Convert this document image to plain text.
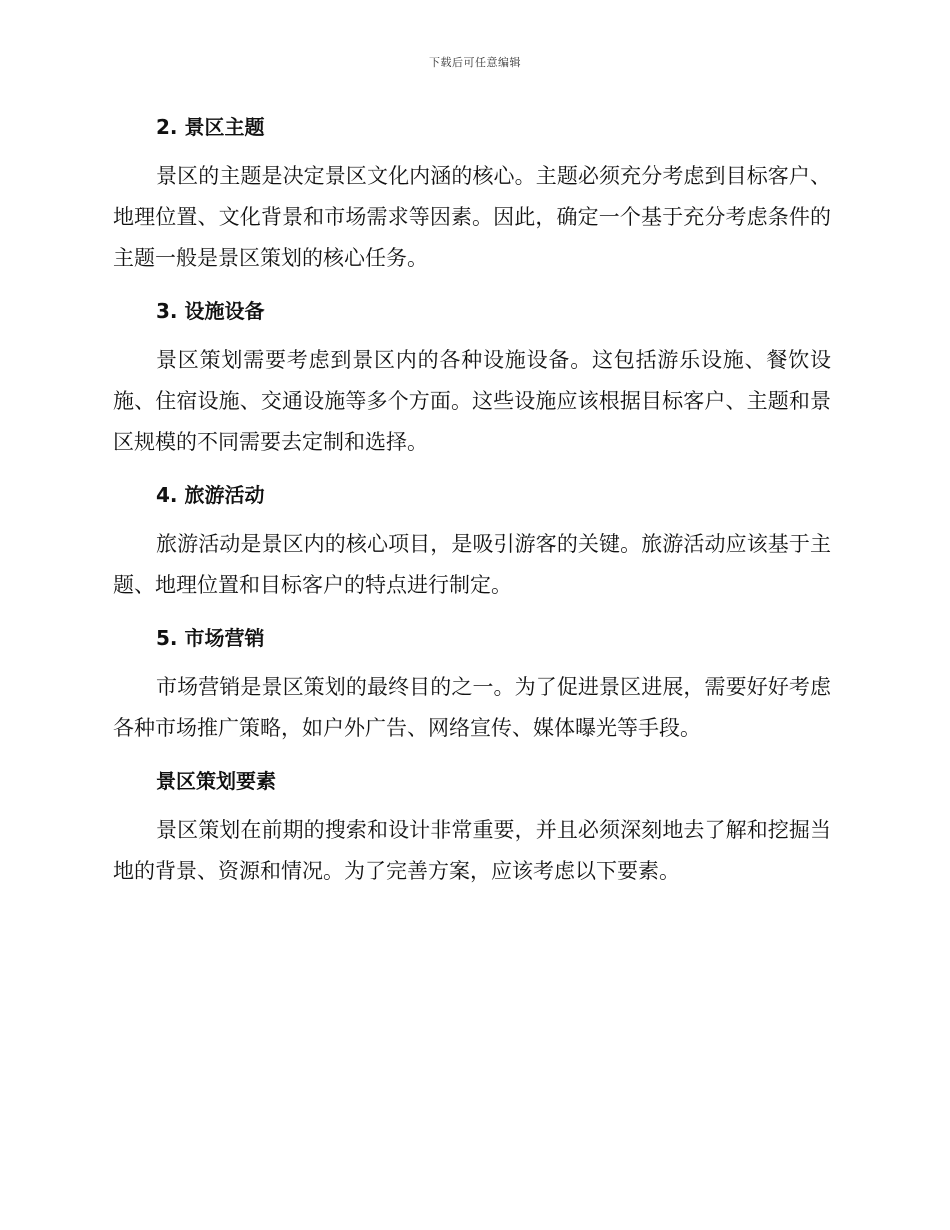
下载后可任意编辑
2. 景区主题

景区的主题是决定景区文化内涵的核心。主题必须充分考虑到目标客户、地理位置、文化背景和市场需求等因素。因此，确定一个基于充分考虑条件的主题一般是景区策划的核心任务。

3. 设施设备

景区策划需要考虑到景区内的各种设施设备。这包括游乐设施、餐饮设施、住宿设施、交通设施等多个方面。这些设施应该根据目标客户、主题和景区规模的不同需要去定制和选择。

4. 旅游活动

旅游活动是景区内的核心项目，是吸引游客的关键。旅游活动应该基于主题、地理位置和目标客户的特点进行制定。

5. 市场营销

市场营销是景区策划的最终目的之一。为了促进景区进展，需要好好考虑各种市场推广策略，如户外广告、网络宣传、媒体曝光等手段。

景区策划要素

景区策划在前期的搜索和设计非常重要，并且必须深刻地去了解和挖掘当地的背景、资源和情况。为了完善方案，应该考虑以下要素。
